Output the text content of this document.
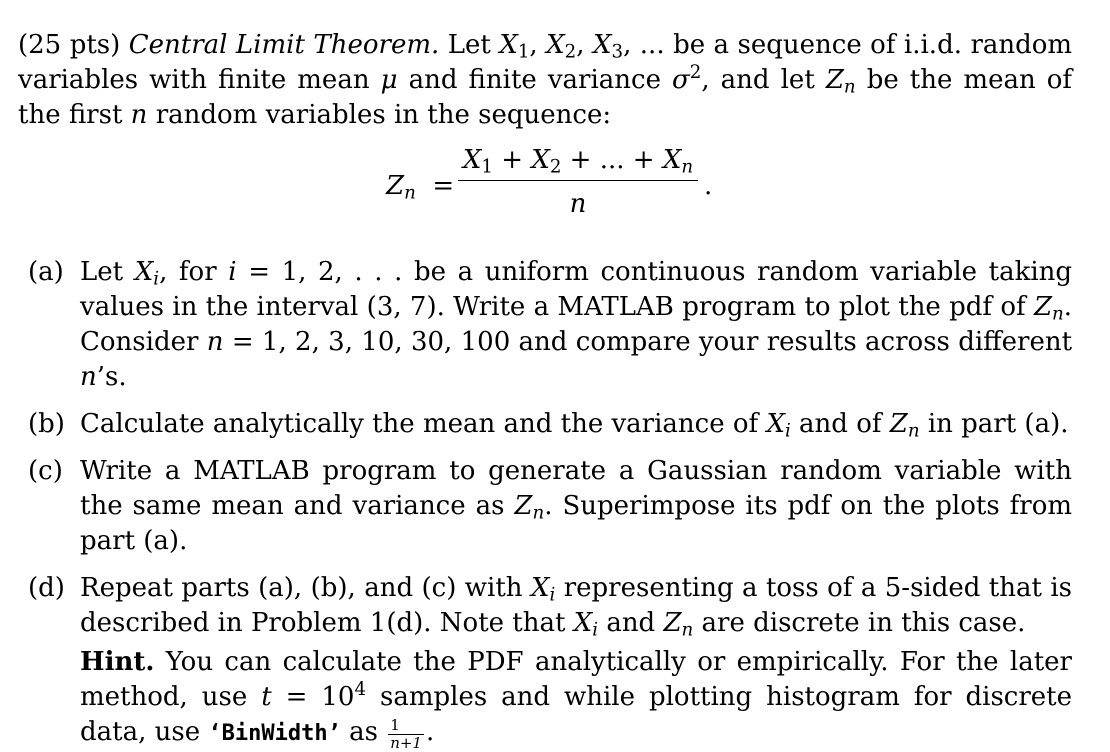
(25 pts) Central Limit Theorem. Let $X_1$, $X_2$, $X_3$, ... be a sequence of i.i.d. random variables with finite mean μ and finite variance $\sigma^2$, and let $Z_n$ be the mean of the first n random variables in the sequence:

$Z_n$ =
$X_1 + X_2$ + ... + $X_n$
n
.
(a) Let $X_i$, for i = 1, 2, . . . be a uniform continuous random variable taking values in the interval (3, 7). Write a MATLAB program to plot the pdf of $Z_n$. Consider n = 1, 2, 3, 10, 30, 100 and compare your results across different n’s.
(b) Calculate analytically the mean and the variance of $X_i$ and of $Z_n$ in part (a).
(c) Write a MATLAB program to generate a Gaussian random variable with the same mean and variance as $Z_n$. Superimpose its pdf on the plots from part (a).
(d) Repeat parts (a), (b), and (c) with $X_i$ representing a toss of a 5-sided that is described in Problem 1(d). Note that $X_i$ and $Z_n$ are discrete in this case.
Hint. You can calculate the PDF analytically or empirically. For the later method, use $t = 10^4$ samples and while plotting histogram for discrete data, use ‘BinWidth’ as $\frac{1}{n+1}$ .
